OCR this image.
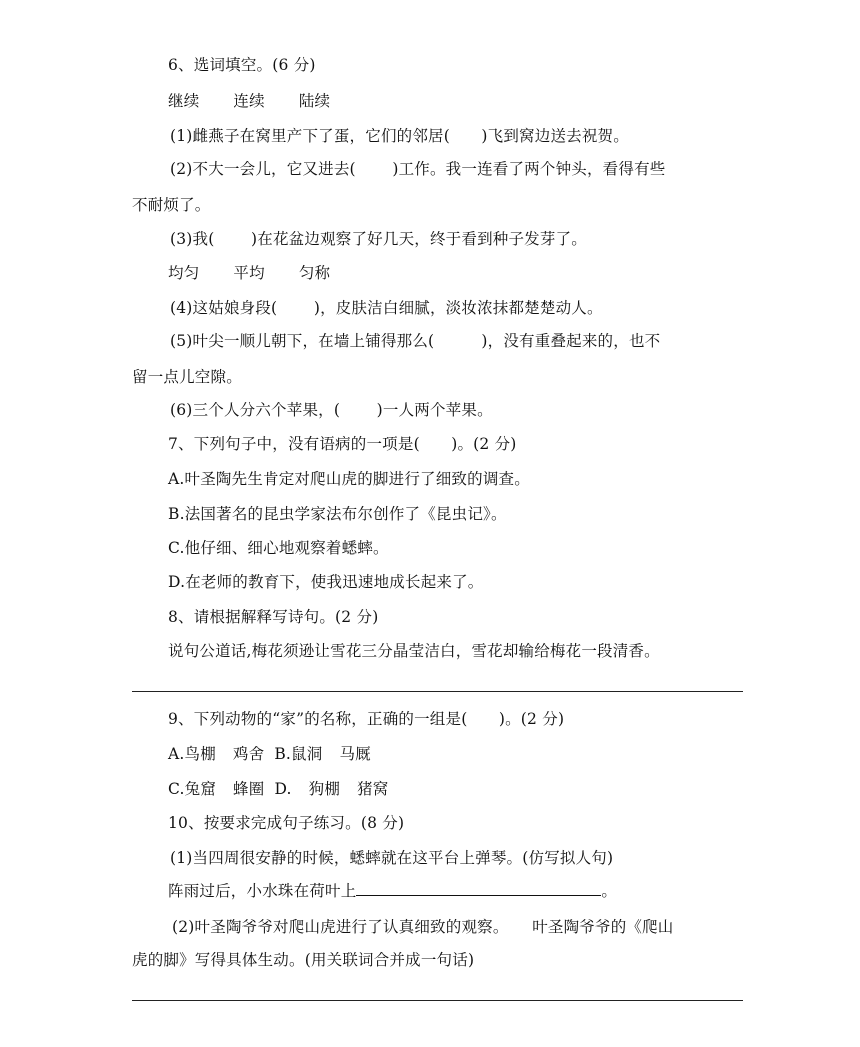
6、选词填空。(6 分)
继续 连续 陆续
(1)雌燕子在窝里产下了蛋，它们的邻居(　　)飞到窝边送去祝贺。
(2)不大一会儿，它又进去(　　 )工作。我一连看了两个钟头，看得有些
不耐烦了。
(3)我(　　 )在花盆边观察了好几天，终于看到种子发芽了。
均匀 平均 匀称
(4)这姑娘身段(　　 )，皮肤洁白细腻，淡妆浓抹都楚楚动人。
(5)叶尖一顺儿朝下，在墙上铺得那么(　　　)，没有重叠起来的，也不
留一点儿空隙。
(6)三个人分六个苹果，(　　 )一人两个苹果。
7、下列句子中，没有语病的一项是(　　)。(2 分)
A.叶圣陶先生肯定对爬山虎的脚进行了细致的调查。
B.法国著名的昆虫学家法布尔创作了《昆虫记》。
C.他仔细、细心地观察着蟋蟀。
D.在老师的教育下，使我迅速地成长起来了。
8、请根据解释写诗句。(2 分)
说句公道话,梅花须逊让雪花三分晶莹洁白，雪花却输给梅花一段清香。
9、下列动物的“家”的名称，正确的一组是(　　)。(2 分)
A.鸟棚 鸡舍 B.鼠洞 马厩
C.兔窟 蜂圈 D. 狗棚 猪窝
10、按要求完成句子练习。(8 分)
(1)当四周很安静的时候，蟋蟀就在这平台上弹琴。(仿写拟人句)
阵雨过后，小水珠在荷叶上	。
(2)叶圣陶爷爷对爬山虎进行了认真细致的观察。　　叶圣陶爷爷的《爬山
虎的脚》写得具体生动。(用关联词合并成一句话)
